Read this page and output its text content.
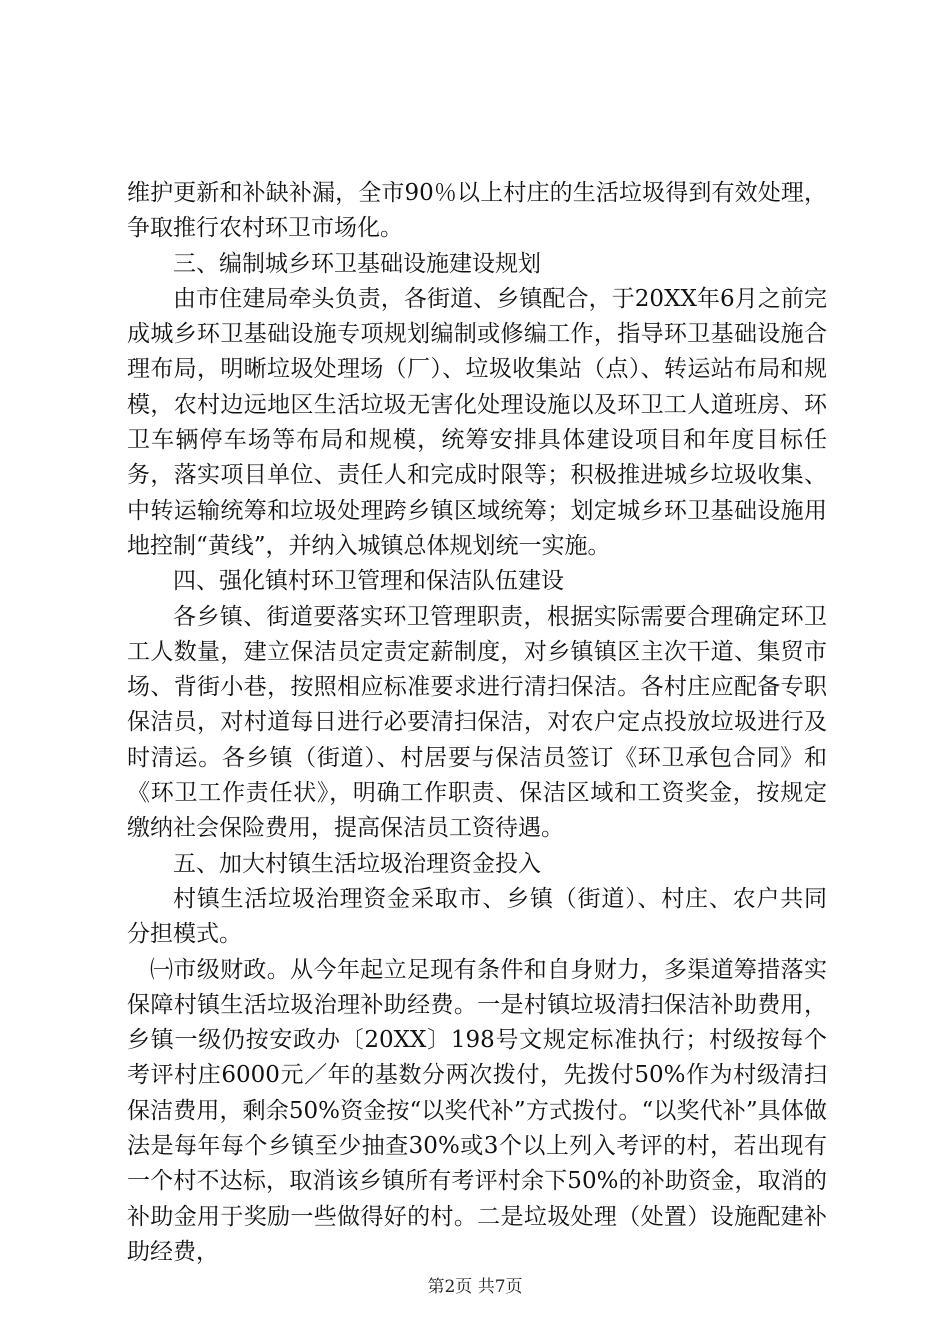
维护更新和补缺补漏，全市90％以上村庄的生活垃圾得到有效处理，争取推行农村环卫市场化。

三、编制城乡环卫基础设施建设规划

由市住建局牵头负责，各街道、乡镇配合，于20XX年6月之前完成城乡环卫基础设施专项规划编制或修编工作，指导环卫基础设施合理布局，明晰垃圾处理场（厂）、垃圾收集站（点）、转运站布局和规模，农村边远地区生活垃圾无害化处理设施以及环卫工人道班房、环卫车辆停车场等布局和规模，统筹安排具体建设项目和年度目标任务，落实项目单位、责任人和完成时限等；积极推进城乡垃圾收集、中转运输统筹和垃圾处理跨乡镇区域统筹；划定城乡环卫基础设施用地控制“黄线”，并纳入城镇总体规划统一实施。

四、强化镇村环卫管理和保洁队伍建设

各乡镇、街道要落实环卫管理职责，根据实际需要合理确定环卫工人数量，建立保洁员定责定薪制度，对乡镇镇区主次干道、集贸市场、背街小巷，按照相应标准要求进行清扫保洁。各村庄应配备专职保洁员，对村道每日进行必要清扫保洁，对农户定点投放垃圾进行及时清运。各乡镇（街道）、村居要与保洁员签订《环卫承包合同》和《环卫工作责任状》，明确工作职责、保洁区域和工资奖金，按规定缴纳社会保险费用，提高保洁员工资待遇。

五、加大村镇生活垃圾治理资金投入

村镇生活垃圾治理资金采取市、乡镇（街道）、村庄、农户共同分担模式。

㈠市级财政。从今年起立足现有条件和自身财力，多渠道筹措落实保障村镇生活垃圾治理补助经费。一是村镇垃圾清扫保洁补助费用，乡镇一级仍按安政办〔20XX〕198号文规定标准执行；村级按每个考评村庄6000元／年的基数分两次拨付，先拨付50%作为村级清扫保洁费用，剩余50%资金按“以奖代补”方式拨付。“以奖代补”具体做法是每年每个乡镇至少抽查30%或3个以上列入考评的村，若出现有一个村不达标，取消该乡镇所有考评村余下50%的补助资金，取消的补助金用于奖励一些做得好的村。二是垃圾处理（处置）设施配建补助经费，

第2页 共7页
